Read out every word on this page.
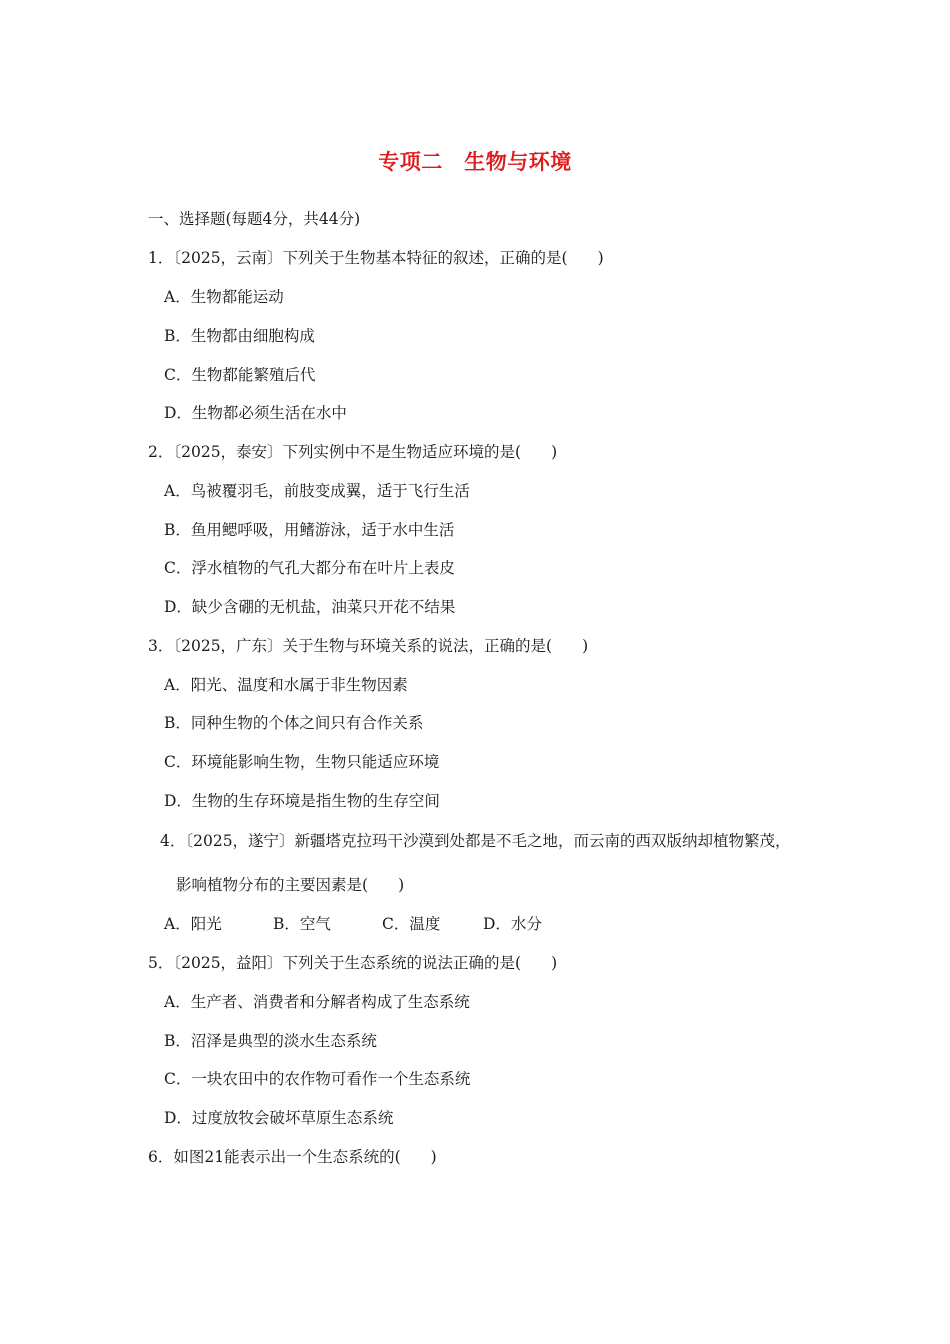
专项二　生物与环境
一、选择题(每题4分，共44分)
1．〔2025，云南〕下列关于生物基本特征的叙述，正确的是( )
A．生物都能运动
B．生物都由细胞构成
C．生物都能繁殖后代
D．生物都必须生活在水中
2．〔2025，泰安〕下列实例中不是生物适应环境的是( )
A．鸟被覆羽毛，前肢变成翼，适于飞行生活
B．鱼用鳃呼吸，用鳍游泳，适于水中生活
C．浮水植物的气孔大都分布在叶片上表皮
D．缺少含硼的无机盐，油菜只开花不结果
3．〔2025，广东〕关于生物与环境关系的说法，正确的是( )
A．阳光、温度和水属于非生物因素
B．同种生物的个体之间只有合作关系
C．环境能影响生物，生物只能适应环境
D．生物的生存环境是指生物的生存空间
4．〔2025，遂宁〕新疆塔克拉玛干沙漠到处都是不毛之地，而云南的西双版纳却植物繁茂，
影响植物分布的主要因素是( )
A．阳光	B．空气	C．温度	D．水分
5．〔2025，益阳〕下列关于生态系统的说法正确的是( )
A．生产者、消费者和分解者构成了生态系统
B．沼泽是典型的淡水生态系统
C．一块农田中的农作物可看作一个生态系统
D．过度放牧会破坏草原生态系统
6．如图21能表示出一个生态系统的( )
